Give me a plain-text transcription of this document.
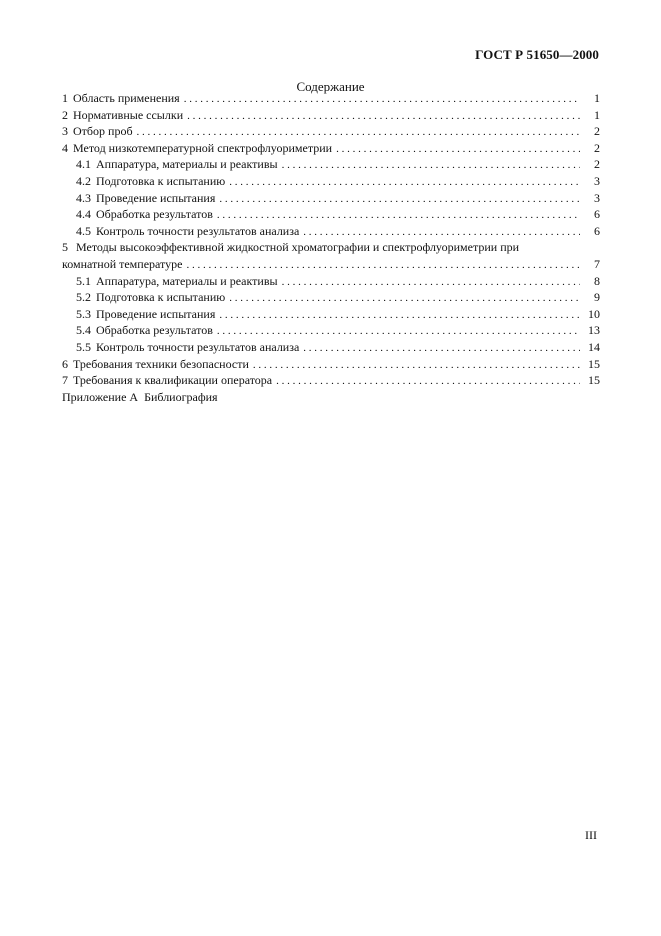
ГОСТ Р 51650—2000
Содержание
1 Область применения . . .	1
2 Нормативные ссылки . . .	1
3 Отбор проб . . .	2
4 Метод низкотемпературной спектрофлуориметрии . . .	2
4.1 Аппаратура, материалы и реактивы . . .	2
4.2 Подготовка к испытанию . . .	3
4.3 Проведение испытания . . .	3
4.4 Обработка результатов . . .	6
4.5 Контроль точности результатов анализа . . .	6
5 Методы высокоэффективной жидкостной хроматографии и спектрофлуориметрии при
комнатной температуре . . .	7
5.1 Аппаратура, материалы и реактивы . . .	8
5.2 Подготовка к испытанию . . .	9
5.3 Проведение испытания . . .	10
5.4 Обработка результатов . . .	13
5.5 Контроль точности результатов анализа . . .	14
6 Требования техники безопасности . . .	15
7 Требования к квалификации оператора . . .	15
Приложение А  Библиография
III
